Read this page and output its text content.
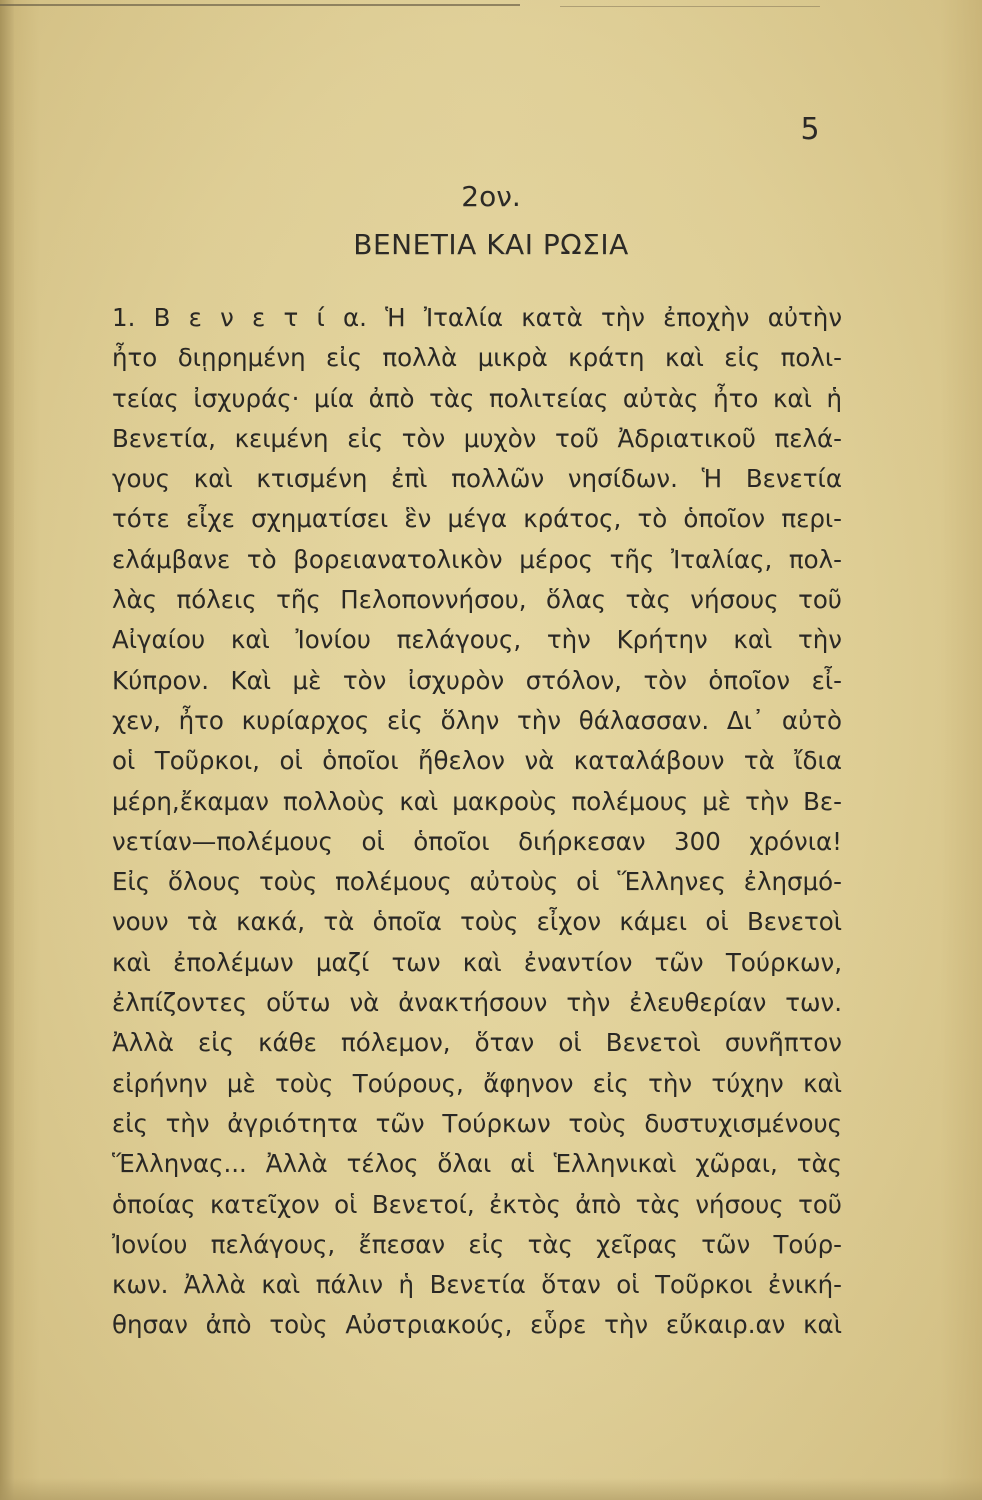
5

2ον.

ΒΕΝΕΤΙΑ ΚΑΙ ΡΩΣΙΑ
1. Β ε ν ε τ ί α. Ἡ Ἰταλία κατὰ τὴν ἐποχὴν αὐτὴν
ἦτο διῃρημένη εἰς πολλὰ μικρὰ κράτη καὶ εἰς πολι-
τείας ἰσχυράς· μία ἀπὸ τὰς πολιτείας αὐτὰς ἦτο καὶ ἡ
Βενετία, κειμένη εἰς τὸν μυχὸν τοῦ Ἀδριατικοῦ πελά-
γους καὶ κτισμένη ἐπὶ πολλῶν νησίδων. Ἡ Βενετία
τότε εἶχε σχηματίσει ἓν μέγα κράτος, τὸ ὁποῖον περι-
ελάμβανε τὸ βορειανατολικὸν μέρος τῆς Ἰταλίας, πολ-
λὰς πόλεις τῆς Πελοποννήσου, ὅλας τὰς νήσους τοῦ
Αἰγαίου καὶ Ἰονίου πελάγους, τὴν Κρήτην καὶ τὴν
Κύπρον. Καὶ μὲ τὸν ἰσχυρὸν στόλον, τὸν ὁποῖον εἶ-
χεν, ἦτο κυρίαρχος εἰς ὅλην τὴν θάλασσαν. Δι᾿ αὐτὸ
οἱ Τοῦρκοι, οἱ ὁποῖοι ἤθελον νὰ καταλάβουν τὰ ἴδια
μέρη,ἔκαμαν πολλοὺς καὶ μακροὺς πολέμους μὲ τὴν Βε-
νετίαν—πολέμους οἱ ὁποῖοι διήρκεσαν 300 χρόνια!
Εἰς ὅλους τοὺς πολέμους αὐτοὺς οἱ Ἕλληνες ἐλησμό-
νουν τὰ κακά, τὰ ὁποῖα τοὺς εἶχον κάμει οἱ Βενετοὶ
καὶ ἐπολέμων μαζί των καὶ ἐναντίον τῶν Τούρκων,
ἐλπίζοντες οὕτω νὰ ἀνακτήσουν τὴν ἐλευθερίαν των.
Ἀλλὰ εἰς κάθε πόλεμον, ὅταν οἱ Βενετοὶ συνῆπτον
εἰρήνην μὲ τοὺς Τούρους, ἄφηνον εἰς τὴν τύχην καὶ
εἰς τὴν ἀγριότητα τῶν Τούρκων τοὺς δυστυχισμένους
Ἕλληνας... Ἀλλὰ τέλος ὅλαι αἱ Ἑλληνικαὶ χῶραι, τὰς
ὁποίας κατεῖχον οἱ Βενετοί, ἐκτὸς ἀπὸ τὰς νήσους τοῦ
Ἰονίου πελάγους, ἔπεσαν εἰς τὰς χεῖρας τῶν Τούρ-
κων. Ἀλλὰ καὶ πάλιν ἡ Βενετία ὅταν οἱ Τοῦρκοι ἐνική-
θησαν ἀπὸ τοὺς Αὐστριακούς, εὗρε τὴν εὔκαιρ.αν καὶ
